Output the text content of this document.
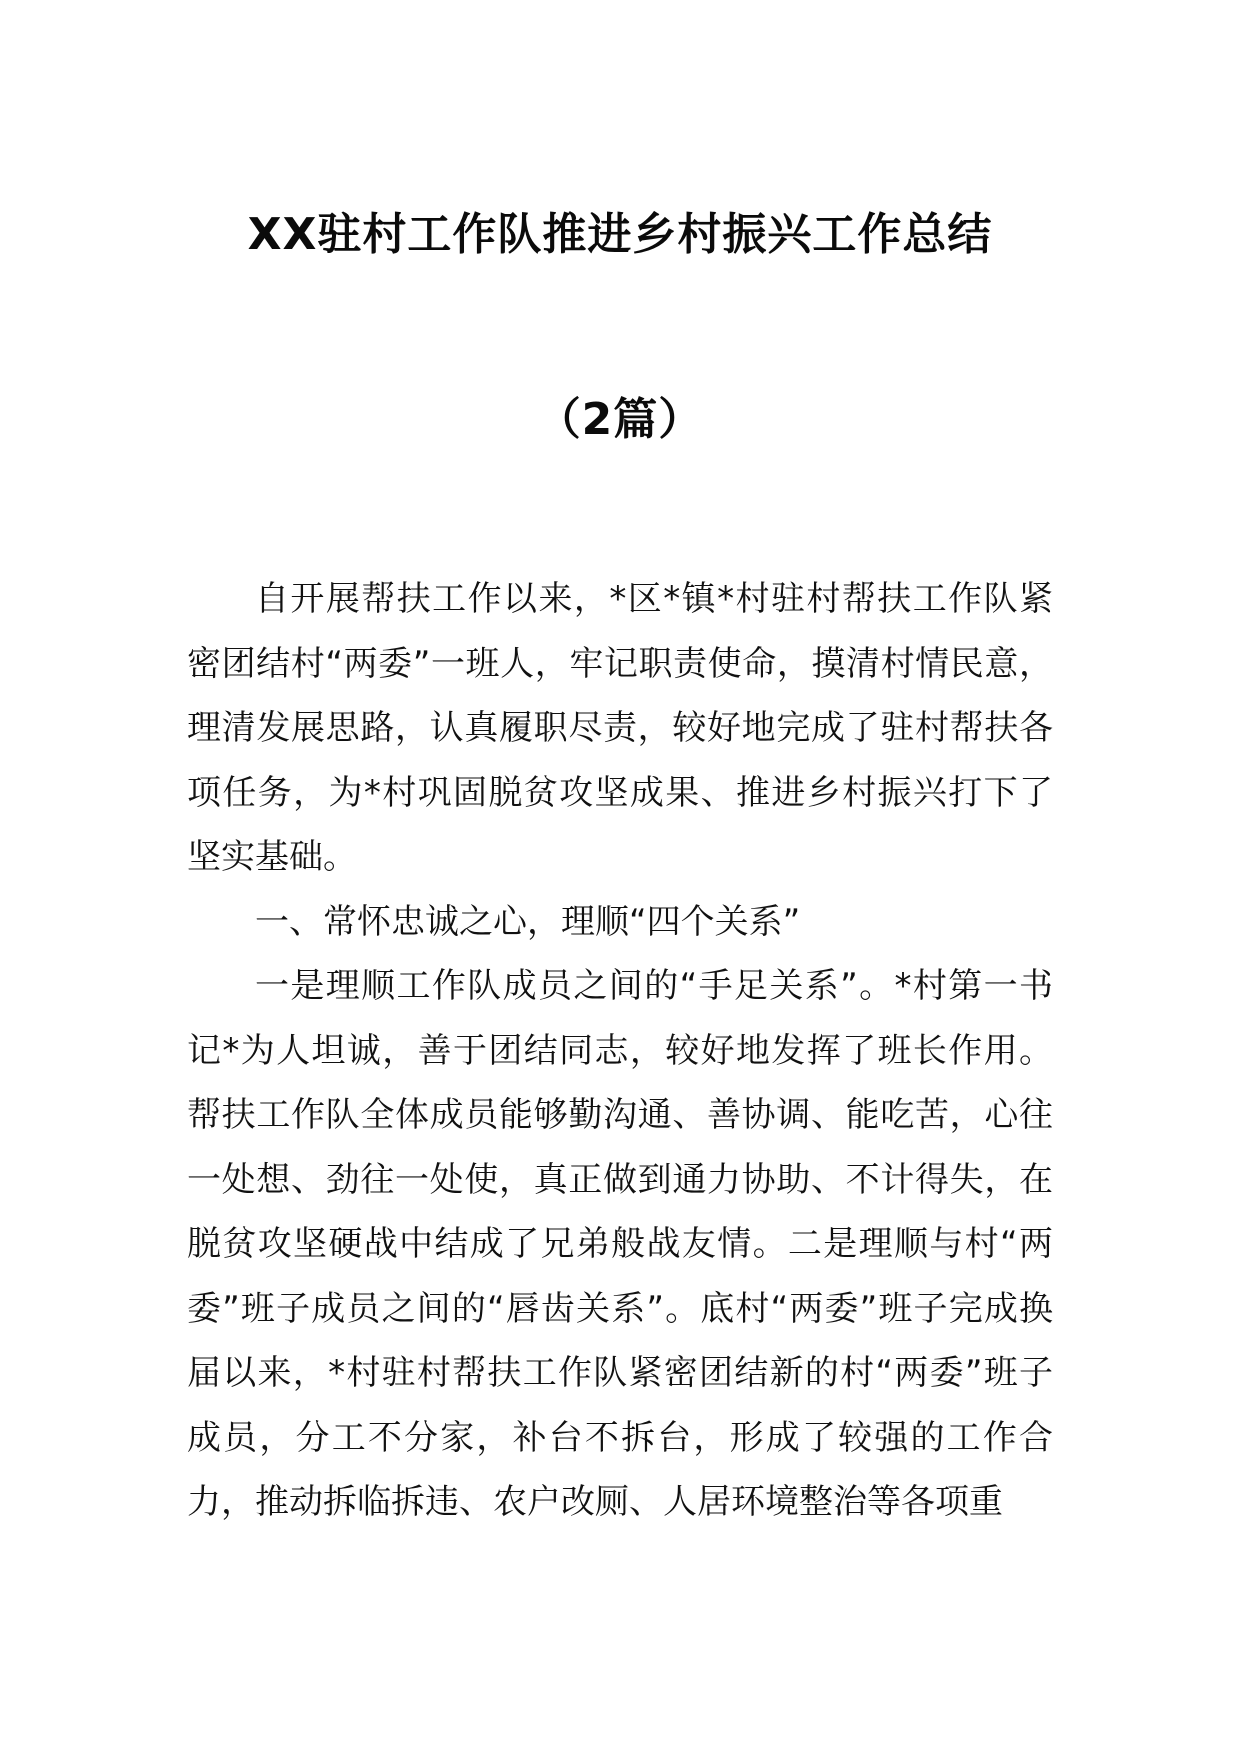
XX驻村工作队推进乡村振兴工作总结
（2篇）

自开展帮扶工作以来，*区*镇*村驻村帮扶工作队紧密团结村“两委”一班人，牢记职责使命，摸清村情民意，理清发展思路，认真履职尽责，较好地完成了驻村帮扶各项任务，为*村巩固脱贫攻坚成果、推进乡村振兴打下了坚实基础。

一、常怀忠诚之心，理顺“四个关系”

一是理顺工作队成员之间的“手足关系”。*村第一书记*为人坦诚，善于团结同志，较好地发挥了班长作用。帮扶工作队全体成员能够勤沟通、善协调、能吃苦，心往一处想、劲往一处使，真正做到通力协助、不计得失，在脱贫攻坚硬战中结成了兄弟般战友情。二是理顺与村“两委”班子成员之间的“唇齿关系”。底村“两委”班子完成换届以来，*村驻村帮扶工作队紧密团结新的村“两委”班子成员，分工不分家，补台不拆台，形成了较强的工作合力，推动拆临拆违、农户改厕、人居环境整治等各项重
